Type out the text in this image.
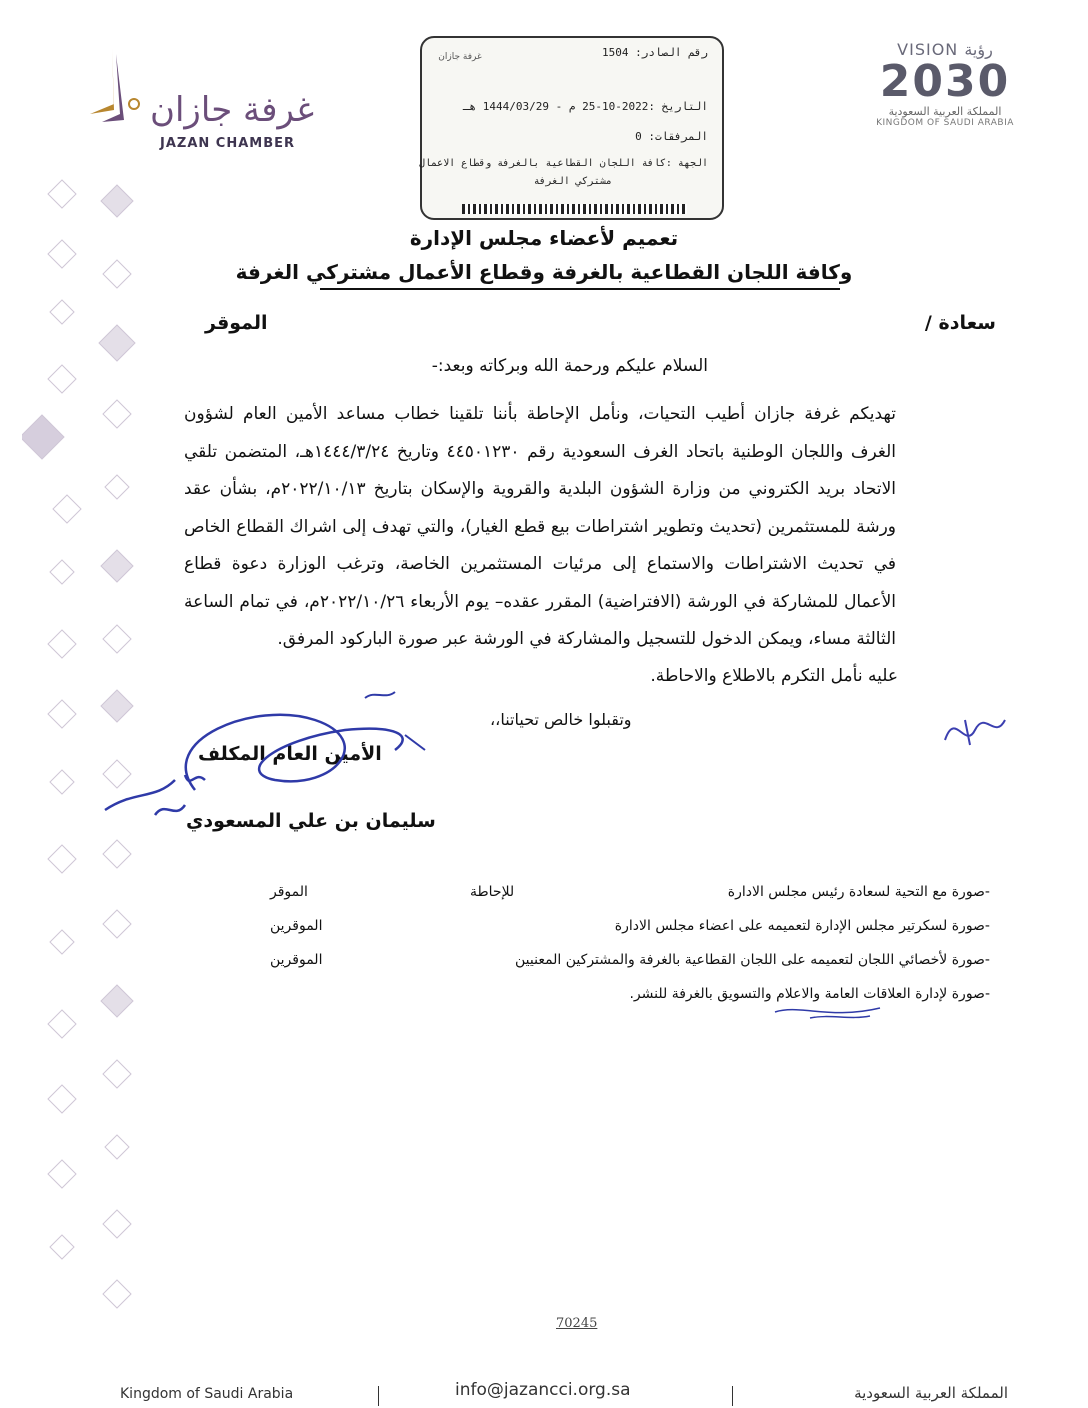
غرفة جازان
JAZAN CHAMBER
VISION رؤية
2030
المملكة العربية السعودية
KINGDOM OF SAUDI ARABIA
رقم الصادر: 1504
التاريخ :2022-10-25 م - 1444/03/29 هـ
المرفقات: 0
الجهة :كافة اللجان القطاعية بالغرفة وقطاع الاعمال
مشتركي الغرفة
غرفة جازان
تعميم لأعضاء مجلس الإدارة
وكافة اللجان القطاعية بالغرفة وقطاع الأعمال مشتركي الغرفة
سعادة /
الموقر
السلام عليكم ورحمة الله وبركاته وبعد:-
تهديكم غرفة جازان أطيب التحيات، ونأمل الإحاطة بأننا تلقينا خطاب مساعد الأمين العام لشؤون الغرف واللجان الوطنية باتحاد الغرف السعودية رقم ٤٤٥٠١٢٣٠ وتاريخ ١٤٤٤/٣/٢٤هـ، المتضمن تلقي الاتحاد بريد الكتروني من وزارة الشؤون البلدية والقروية والإسكان بتاريخ ٢٠٢٢/١٠/١٣م، بشأن عقد ورشة للمستثمرين (تحديث وتطوير اشتراطات بيع قطع الغيار)، والتي تهدف إلى اشراك القطاع الخاص في تحديث الاشتراطات والاستماع إلى مرئيات المستثمرين الخاصة، وترغب الوزارة دعوة قطاع الأعمال للمشاركة في الورشة (الافتراضية) المقرر عقده– يوم الأربعاء ٢٠٢٢/١٠/٢٦م، في تمام الساعة الثالثة مساء، ويمكن الدخول للتسجيل والمشاركة في الورشة عبر صورة الباركود المرفق.
عليه نأمل التكرم بالاطلاع والاحاطة.
وتقبلوا خالص تحياتنا،،
الأمين العام المكلف
سليمان بن علي المسعودي
-صورة مع التحية لسعادة رئيس مجلس الادارة
للإحاطة
الموقر
-صورة لسكرتير مجلس الإدارة لتعميمه على اعضاء مجلس الادارة
الموقرين
-صورة لأخصائي اللجان لتعميمه على اللجان القطاعية بالغرفة والمشتركين المعنيين
الموقرين
-صورة لإدارة العلاقات العامة والاعلام والتسويق بالغرفة للنشر.
70245
Kingdom of Saudi Arabia	info@jazancci.org.sa	المملكة العربية السعودية
